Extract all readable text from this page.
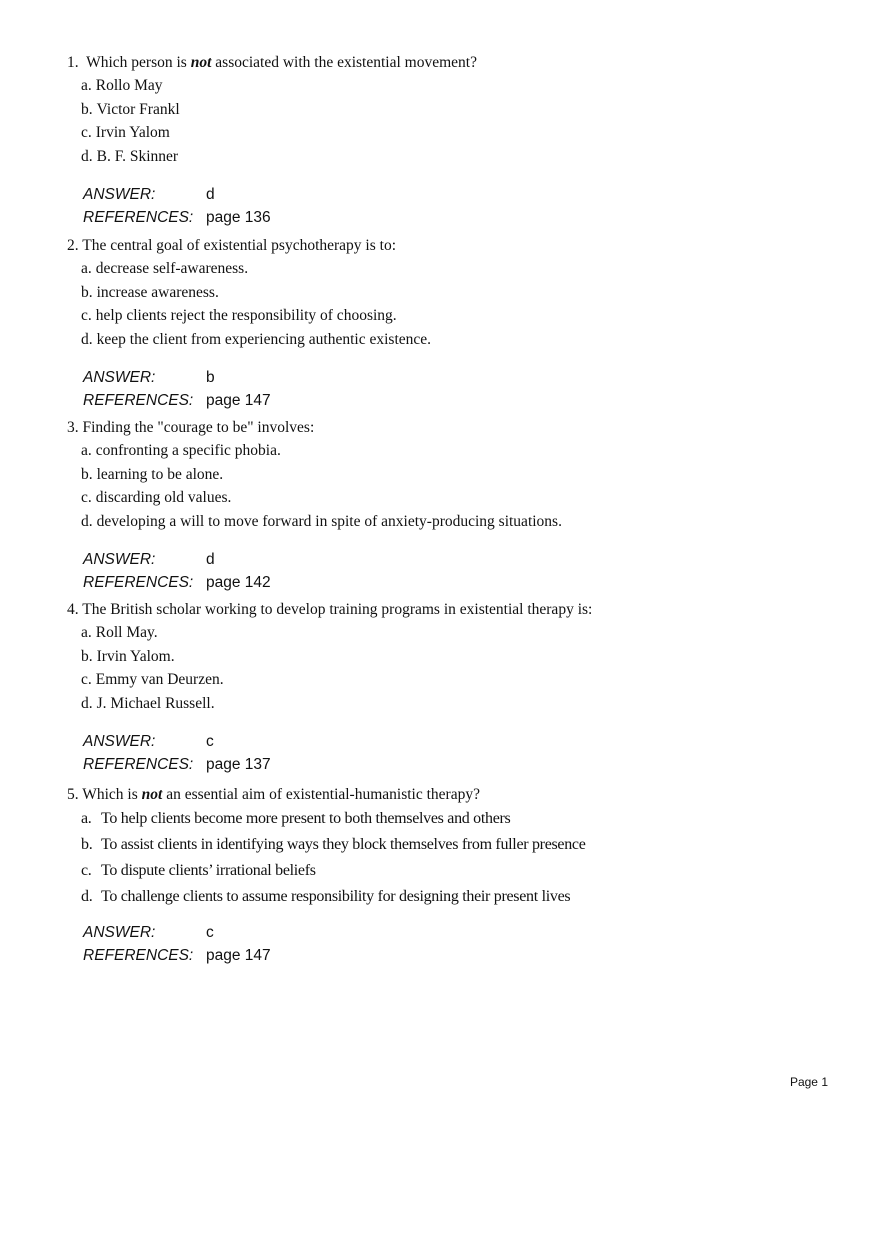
1. Which person is not associated with the existential movement?
a. Rollo May
b. Victor Frankl
c. Irvin Yalom
d. B. F. Skinner
ANSWER:	d
REFERENCES: page 136
2. The central goal of existential psychotherapy is to:
a. decrease self-awareness.
b. increase awareness.
c. help clients reject the responsibility of choosing.
d. keep the client from experiencing authentic existence.
ANSWER:	b
REFERENCES: page 147
3. Finding the "courage to be" involves:
a. confronting a specific phobia.
b. learning to be alone.
c. discarding old values.
d. developing a will to move forward in spite of anxiety-producing situations.
ANSWER:	d
REFERENCES: page 142
4. The British scholar working to develop training programs in existential therapy is:
a. Roll May.
b. Irvin Yalom.
c. Emmy van Deurzen.
d. J. Michael Russell.
ANSWER:	c
REFERENCES: page 137
5. Which is not an essential aim of existential-humanistic therapy?
a. To help clients become more present to both themselves and others
b. To assist clients in identifying ways they block themselves from fuller presence
c. To dispute clients’ irrational beliefs
d. To challenge clients to assume responsibility for designing their present lives
ANSWER:	c
REFERENCES: page 147
Page 1
